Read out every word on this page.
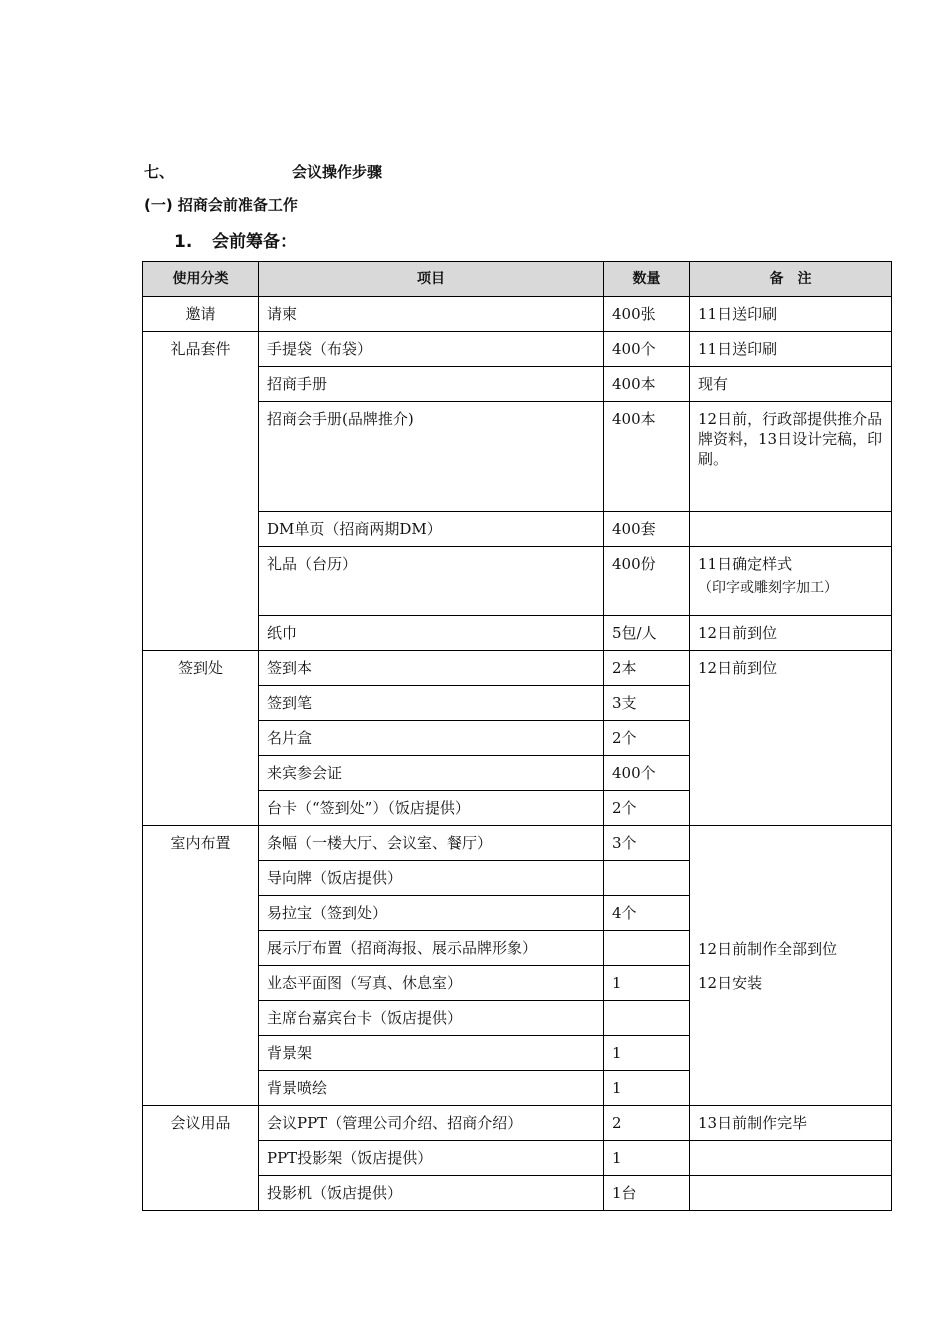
七、	会议操作步骤
(一) 招商会前准备工作
1. 会前筹备：
使用分类	项目	数量	备　注
邀请	请柬	400张	11日送印刷
礼品套件	手提袋（布袋）	400个	11日送印刷
	招商手册	400本	现有
	招商会手册(品牌推介)	400本	12日前，行政部提供推介品牌资料，13日设计完稿，印刷。
	DM单页（招商两期DM）	400套	
	礼品（台历）	400份	11日确定样式
（印字或雕刻字加工）

	纸巾	5包/人	12日前到位
签到处	签到本	2本	12日前到位
	签到笔	3支	
	名片盒	2个	
	来宾参会证	400个	
	台卡（“签到处”）（饭店提供）	2个	
室内布置	条幅（一楼大厅、会议室、餐厅）	3个	12日前制作全部到位
12日安装

	导向牌（饭店提供）		
	易拉宝（签到处）	4个	
	展示厅布置（招商海报、展示品牌形象）		
	业态平面图（写真、休息室）	1	
	主席台嘉宾台卡（饭店提供）		
	背景架	1	
	背景喷绘	1	
会议用品	会议PPT（管理公司介绍、招商介绍）	2	13日前制作完毕
	PPT投影架（饭店提供）	1	
	投影机（饭店提供）	1台	
